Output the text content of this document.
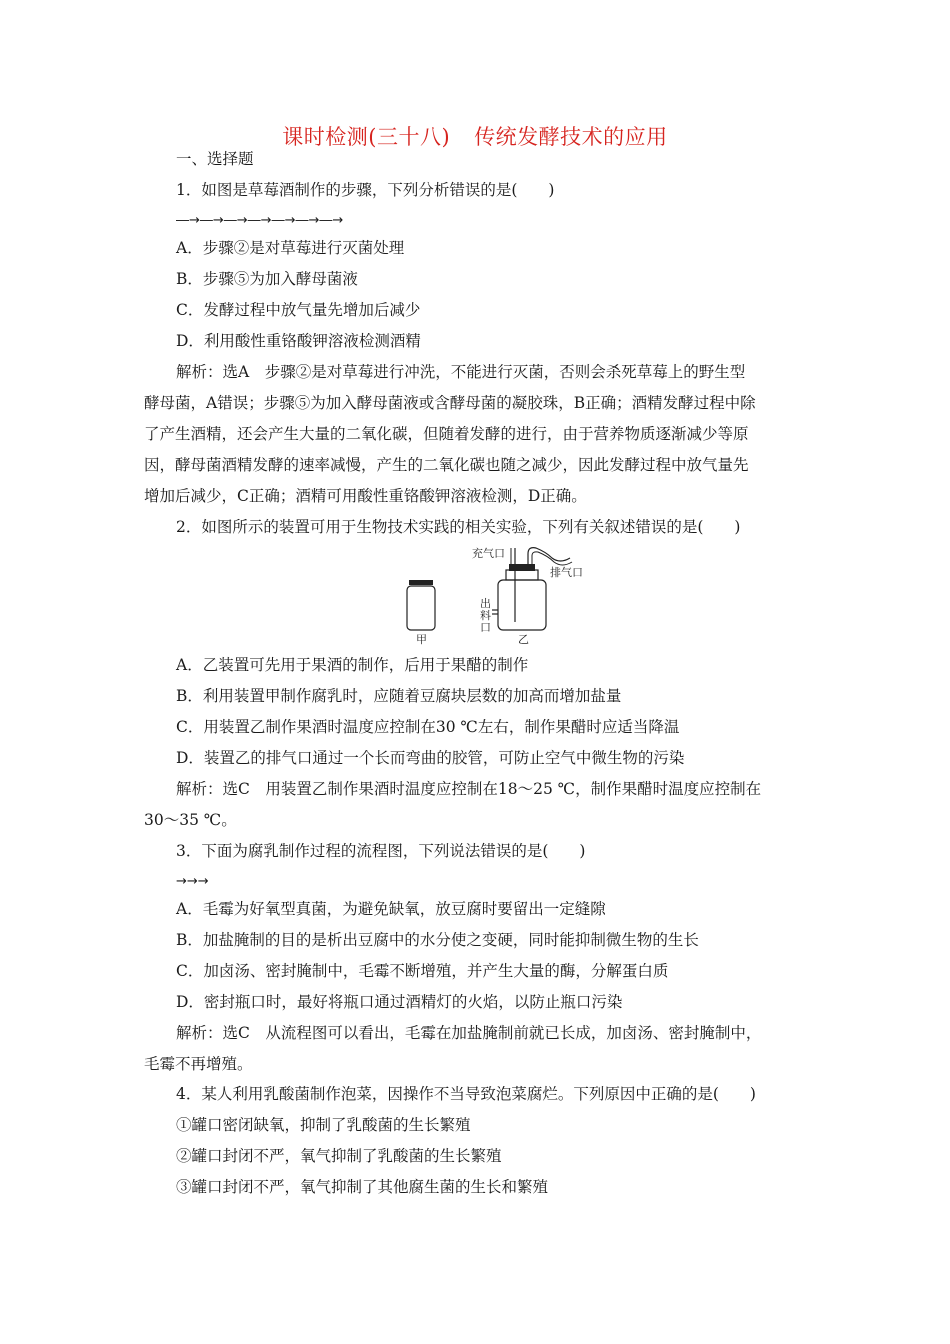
课时检测(三十八) 传统发酵技术的应用
一、选择题
1．如图是草莓酒制作的步骤，下列分析错误的是(　　)
―→―→―→―→―→―→―→
A．步骤②是对草莓进行灭菌处理
B．步骤⑤为加入酵母菌液
C．发酵过程中放气量先增加后减少
D．利用酸性重铬酸钾溶液检测酒精
解析：选A　步骤②是对草莓进行冲洗，不能进行灭菌，否则会杀死草莓上的野生型
酵母菌，A错误；步骤⑤为加入酵母菌液或含酵母菌的凝胶珠，B正确；酒精发酵过程中除
了产生酒精，还会产生大量的二氧化碳，但随着发酵的进行，由于营养物质逐渐减少等原
因，酵母菌酒精发酵的速率减慢，产生的二氧化碳也随之减少，因此发酵过程中放气量先
增加后减少，C正确；酒精可用酸性重铬酸钾溶液检测，D正确。
2．如图所示的装置可用于生物技术实践的相关实验，下列有关叙述错误的是(　　)
甲
充气口
排气口
出
料
口
乙
A．乙装置可先用于果酒的制作，后用于果醋的制作
B．利用装置甲制作腐乳时，应随着豆腐块层数的加高而增加盐量
C．用装置乙制作果酒时温度应控制在30 ℃左右，制作果醋时应适当降温
D．装置乙的排气口通过一个长而弯曲的胶管，可防止空气中微生物的污染
解析：选C　用装置乙制作果酒时温度应控制在18～25 ℃，制作果醋时温度应控制在
30～35 ℃。
3．下面为腐乳制作过程的流程图，下列说法错误的是(　　)
→→→
A．毛霉为好氧型真菌，为避免缺氧，放豆腐时要留出一定缝隙
B．加盐腌制的目的是析出豆腐中的水分使之变硬，同时能抑制微生物的生长
C．加卤汤、密封腌制中，毛霉不断增殖，并产生大量的酶，分解蛋白质
D．密封瓶口时，最好将瓶口通过酒精灯的火焰，以防止瓶口污染
解析：选C　从流程图可以看出，毛霉在加盐腌制前就已长成，加卤汤、密封腌制中，
毛霉不再增殖。
4．某人利用乳酸菌制作泡菜，因操作不当导致泡菜腐烂。下列原因中正确的是(　　)
①罐口密闭缺氧，抑制了乳酸菌的生长繁殖
②罐口封闭不严，氧气抑制了乳酸菌的生长繁殖
③罐口封闭不严，氧气抑制了其他腐生菌的生长和繁殖
